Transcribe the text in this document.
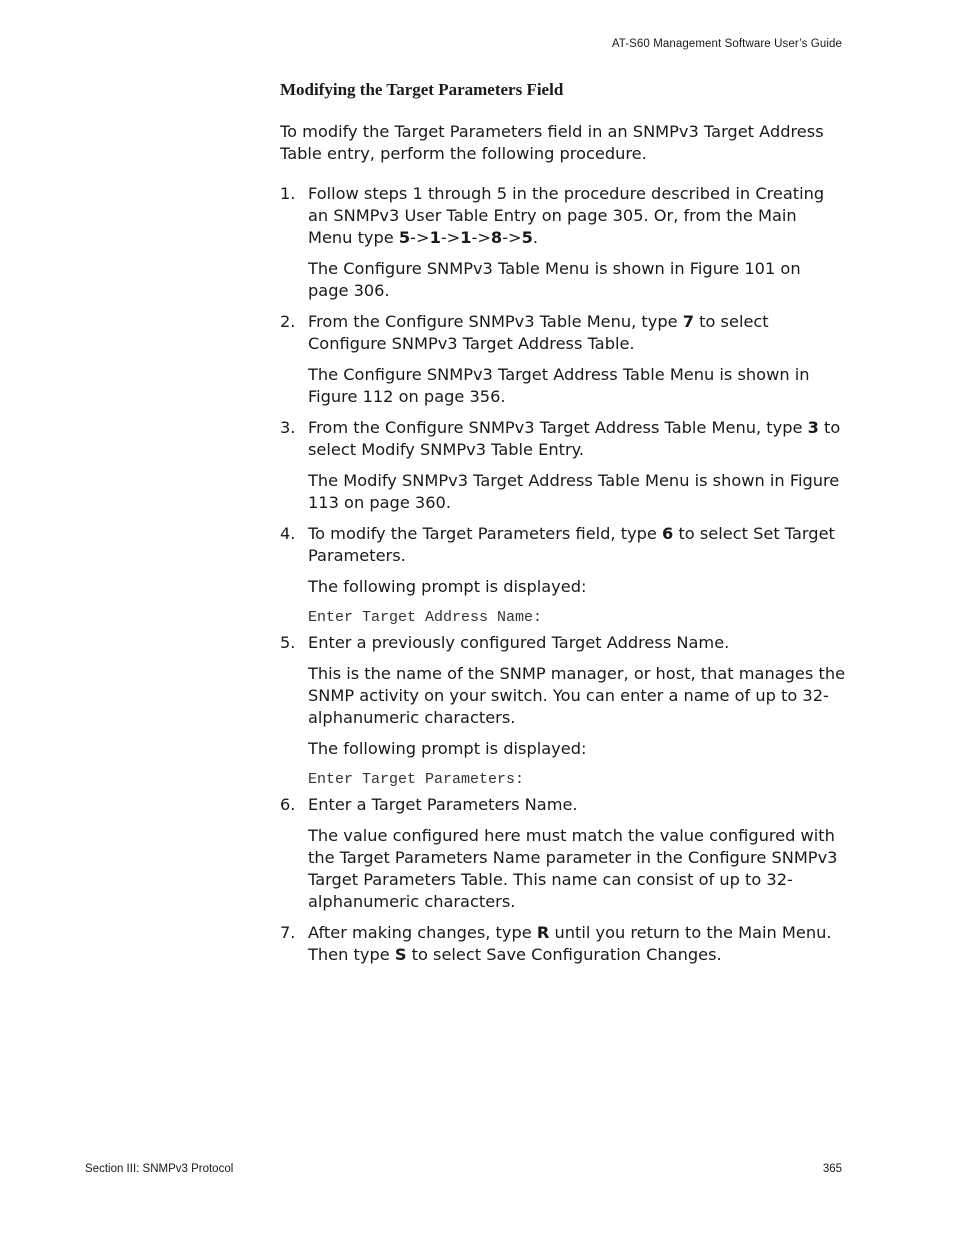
AT-S60 Management Software User’s Guide
Modifying the Target Parameters Field

To modify the Target Parameters field in an SNMPv3 Target Address Table entry, perform the following procedure.

1. Follow steps 1 through 5 in the procedure described in Creating an SNMPv3 User Table Entry on page 305. Or, from the Main Menu type 5->1->1->8->5.

The Configure SNMPv3 Table Menu is shown in Figure 101 on page 306.

2. From the Configure SNMPv3 Table Menu, type 7 to select Configure SNMPv3 Target Address Table.

The Configure SNMPv3 Target Address Table Menu is shown in Figure 112 on page 356.

3. From the Configure SNMPv3 Target Address Table Menu, type 3 to select Modify SNMPv3 Table Entry.

The Modify SNMPv3 Target Address Table Menu is shown in Figure 113 on page 360.

4. To modify the Target Parameters field, type 6 to select Set Target Parameters.

The following prompt is displayed:

Enter Target Address Name:

5. Enter a previously configured Target Address Name.

This is the name of the SNMP manager, or host, that manages the SNMP activity on your switch. You can enter a name of up to 32-alphanumeric characters.

The following prompt is displayed:

Enter Target Parameters:

6. Enter a Target Parameters Name.

The value configured here must match the value configured with the Target Parameters Name parameter in the Configure SNMPv3 Target Parameters Table. This name can consist of up to 32-alphanumeric characters.

7. After making changes, type R until you return to the Main Menu. Then type S to select Save Configuration Changes.
Section III: SNMPv3 Protocol	365
